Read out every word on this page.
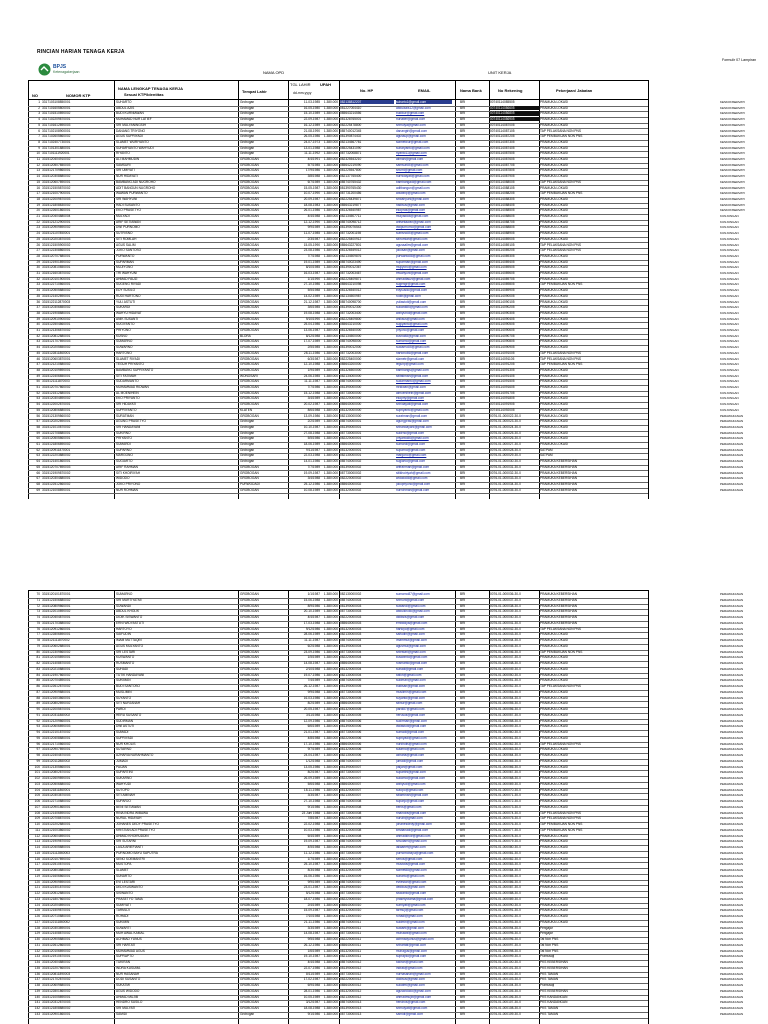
RINCIAN HARIAN TENAGA KERJA
BPJS
Ketenagakerjaan
Formulir 07 Lampiran
NAMA OPD	UNIT KERJA
NO	NOMOR KTP
NAMA LENGKAP TENAGA KERJA
Sesuai KTP/Identitas
Tempat Lahir
TGL LAHIR
dd-mm-yyyy
UPAH
No. HP	EMAIL	Nama Bank	No Rekening	Pekerjaan/ Jabatan
1 3317103108850001	SUHARTO	Grobogan	11-03-1985	1.380.000 082138812207	suharto1@gmail.com	BRI	00740114085505	PRAMUKA LOKASI	KESKONSERVATI
2 3317101605800001	ABDUL AZIS	Grobogan	16-05-1980	1.380.000 081227004410	abdulazis12@gmail.com	BRI	00740114086605	PRAMUKA LOKASI	KESKONSERVATI
3 3317101510890002	BUDI KURNIAWAN	Grobogan	15-10-1989	1.380.000 085643214556	budikur@gmail.com	BRI	00740114086805	PRAMUKA LOKASI	KESKONSERVATI
4 3317102209870001	MUHAMAD NUR LATIEF	Grobogan	22-09-1987	1.380.000 081328765001	nurlatief@gmail.com	BRI	00740114086905	PRAMUKA LOKASI	KESKONSERVATI
5 3317101612890003	SRI MULYANINGSIH	Grobogan	16-12-1989	1.380.000 082225478800	srimulya@gmail.com	BRI	00740114087005	PRAMUKA LOKASI	KESKONSERVATI
6 3317102108900001	DANANG TRIYONO	Grobogan	21-08-1990	1.380.000 085740012345	danangtri@gmail.com	BRI	00740114087105	TAP PELAKSANA NON PNS	KESKONSERVATI
7 3317102605860002	AGUS SUPRIYADI	Grobogan	26-05-1986	1.380.000 081390874402	agussup@gmail.com	BRI	00740114087205	TAP PEMBUKUAN NON PNS	KESKONSERVATI
8 3317102407730001	SLAMET WURIYANTO	Grobogan	24-07-1973	1.380.000 082134567781	slametwur@gmail.com	BRI	00740114087305	PRAMUKA LOKASI	KESKONSERVATI
9 3317101301880001	SUHARYANTO WAHYUDI	Grobogan	13-01-1988	1.380.000 085225431090	suharyanto@gmail.com	BRI	00740114087405	PRAMUKA LOKASI	KESKONSERVATI
10 3317101111920001	RIYANTO	Grobogan	11-11-1992	1.380.000 087732008871	riyanto11@gmail.com	BRI	00740114087505	PRAMUKA LOKASI	KESKONSERVATI
11 3315120404910002	ALI MAHMUDIN	GROBOGAN	4/4/1991	1.380.000 082325543210	alimah@gmail.com	BRI	00740114087605	PRAMUKA LOKASI	KESKONSERVATI
12 3315120507850003	SAMSURI	GROBOGAN	5/7/1985	1.380.000 085642219090	samsuri85@gmail.com	BRI	00740114087705	PRAMUKA LOKASI	KESKONSERVATI
13 3315121709860001	SRI UMIYATI	GROBOGAN	17/9/1986	1.380.000 081225547800	sriumi@gmail.com	BRI	00740114087805	PRAMUKA LOKASI	KESKONSERVATI
14 3315120308880002	NUR HIDAYATI	GROBOGAN	3/8/1988	1.380.000 082137765400	nurhidayati@gmail.com	BRI	00740114087905	PRAMUKA LOKASI	KESKONSERVATI
15 3315120607890001	BAMBANG ADI NUGROHO	GROBOGAN	6/7/1989	1.380.000 085740765432	bambangadi@gmail.com	BRI	00740114088005	TAP PELAKSANA NON PNS	KESKONSERVATI
16 3315121505870002	ADIT BANGUN NUGROHO	GROBOGAN	15-05-1987	1.380.000 081390765430	aditbangun@gmail.com	BRI	00740114088105	PRAMUKA LOKASI	KESKONSERVATI
17 3315121007900001	WAWAN PURWANTO	GROBOGAN	10-07-1990	1.380.000 087731200456	wawanp@gmail.com	BRI	00740114088205	TAP PEMBUKUAN NON PNS	KESKONSERVATI
18 3315122009870003	SRI WAHYUNI	GROBOGAN	20-09-1987	1.380.000 082225439871	sriwahyuni@gmail.com	BRI	00740114088305	PRAMUKA LOKASI	KESKONSERVATI
19 3315121808830002	HADI SUSANTO	GROBOGAN	18-08-1983	1.380.000 085643219877	hadisus@gmail.com	BRI	00740114088405	PRAMUKA LOKASI	KESKONSERVATI
20 3315122601860001	EKO PRASETYO	GROBOGAN	26-01-1986	1.380.000 081326540987	ekopras@gmail.com	BRI	00740114088505	PRAMUKA LOKASI	KESKONSERVATI
21 3315120404880004	MULYADI	GROBOGAN	4/4/1988	1.380.000 082134507711	mulyadi88@gmail.com	BRI	00740114088605	PRAMUKA LOKASI	KUNJUNGAN
22 3315121212900001	ARIF SETIAWAN	GROBOGAN	12-12-1990	1.380.000 085740098712	arifsetiawan@gmail.com	BRI	00740114088705	PRAMUKA LOKASI	KUNJUNGAN
23 3315120909890002	DWI PURNOMO	GROBOGAN	9/9/1989	1.380.000 081390076543	dwipurnomo@gmail.com	BRI	00740114088805	PRAMUKA LOKASI	KUNJUNGAN
24 3315121107850001	SUTRISNO	GROBOGAN	11-07-1985	1.380.000 087732001198	sutrisno85@gmail.com	BRI	00740114088905	PRAMUKA LOKASI	KUNJUNGAN
25 3315120203870003	SITI ROMLAH	GROBOGAN	2/3/1987	1.380.000 082225400912	sitiromlah@gmail.com	BRI	00740114089005	PRAMUKA LOKASI	KUNJUNGAN
26 3315121505900002	AGUS SALIM	GROBOGAN	15-05-1990	1.380.000 085643227801	agussalim@gmail.com	BRI	00740114089105	TAP PELAKSANA NON PNS	KUNJUNGAN
27 3315122308860001	JOKO SANTOSO	GROBOGAN	23-08-1986	1.380.000 081326549012	jokosan@gmail.com	BRI	00740114089205	TAP PELAKSANA NON PNS	KUNJUNGAN
28 3315120707880001	PURWANTO	GROBOGAN	7/7/1988	1.380.000 082134509876	purwanto88@gmail.com	BRI	00740114089305	PRAMUKA LOKASI	KUNJUNGAN
29 3315121901890002	SUPARMAN	GROBOGAN	19-01-1989	1.380.000 085740023490	suparman@gmail.com	BRI	00740114089405	PRAMUKA LOKASI	KUNJUNGAN
30 3315120810850001	MUJIYONO	GROBOGAN	8/10/1985	1.380.000 081390012367	mujiyono@gmail.com	BRI	00740114089505	PRAMUKA LOKASI	KUNJUNGAN
31 3315121603870002	TRI WAHYUNI	GROBOGAN	16-03-1987	1.380.000 087732003467	triwahyuni@gmail.com	BRI	00740114089605	PRAMUKA LOKASI	KUNJUNGAN
32 3315120101900001	AHMAD FAUZI	GROBOGAN	1/1/1990	1.380.000 082225409871	ahmadfauzi@gmail.com	BRI	00740114089705	PRAMUKA LOKASI	KUNJUNGAN
33 3315122710860001	SUGENG RIYADI	GROBOGAN	27-10-1986	1.380.000 085643210098	sugengr@gmail.com	BRI	00740114089805	TAP PEMBUKUAN NON PNS	KUNJUNGAN
34 3315120505880002	EDY SUSILO	GROBOGAN	5/5/1988	1.380.000 081326540012	edysusilo@gmail.com	BRI	00740114089905	PRAMUKA LOKASI	KUNJUNGAN
35 3315121402890001	RUDI HARTONO	GROBOGAN	14-02-1989	1.380.000 082134500987	rudih@gmail.com	BRI	00740114090005	PRAMUKA LOKASI	KUNJUNGAN
36 3315122112870003	YULI ASTUTI	GROBOGAN	21-12-1987	1.380.000 085740098700	yuliastuti@gmail.com	BRI	00740114090105	PRAMUKA LOKASI	KUNJUNGAN
37 3315120306850002	SUKARDI	GROBOGAN	3/6/1985	1.380.000 081390012300	sukardi85@gmail.com	BRI	00740114090205	PRAMUKA LOKASI	KUNJUNGAN
38 3315121908880001	WAHYU HIDAYAT	GROBOGAN	19-08-1988	1.380.000 087732003400	wahyuhid@gmail.com	BRI	00740114090305	PRAMUKA LOKASI	KUNJUNGAN
39 3315120910900002	ANIK SUSANTI	GROBOGAN	9/10/1990	1.380.000 082225409800	aniksus@gmail.com	BRI	00740114090405	PRAMUKA LOKASI	KUNJUNGAN
40 3315122504860001	SUGIYANTO	GROBOGAN	25-04-1986	1.380.000 085643210000	sugiyanto@gmail.com	BRI	00740114090505	PRAMUKA LOKASI	KUNJUNGAN
41 3315121306870002	PRIYONO	GROBOGAN	13-06-1987	1.380.000 081326540000	priyono@gmail.com	BRI	00740114090605	PRAMUKA LOKASI	KUNJUNGAN
42 3315120812880001	KUSNO	BLORA	8/12/1988	1.380.000 082134500000	kusno88@gmail.com	BRI	00740114090705	PRAMUKA LOKASI	KUNJUNGAN
43 3315121707890003	SUMARNO	GROBOGAN	17-07-1989	1.380.000 085740098000	sumarno@gmail.com	BRI	00740114090805	PRAMUKA LOKASI	KUNJUNGAN
44 3315120205850002	SUWARNO	GROBOGAN	2/5/1985	1.380.000 081390012000	suwarno85@gmail.com	BRI	00740114090905	PRAMUKA LOKASI	KUNJUNGAN
45 3315122811860001	HARTONO	GROBOGAN	28-11-1986	1.380.000 087732003000	hartono86@gmail.com	BRI	00740114091005	TAP PELAKSANA NON PNS	KUNJUNGAN
46 3315120603870001	SLAMET RIYADI	GROBOGAN	6/3/1987	1.380.000 082225400000	slametr@gmail.com	BRI	00740114091105	TAP PELAKSANA NON PNS	KUNJUNGAN
47 3315121210880002	TEGUH PRIYANTO	GROBOGAN	12-10-1988	1.380.000 085643200000	teguhp@gmail.com	BRI	00740114091205	TAP PEMBUKUAN NON PNS	KUNJUNGAN
48 3315120109890001	BAMBANG SUPRIYANTO	GROBOGAN	1/9/1989	1.380.000 081326500000	bambangs@gmail.com	BRI	00740114091305	PRAMUKA LOKASI	KUNJUNGAN
49 3315122406850001	SITI FATIMAH	WONOSARI	24-06-1985	1.380.000 082134000000	sitifatimah@gmail.com	BRI	00740114091405	PRAMUKA LOKASI	KUNJUNGAN
50 3315121111870003	SUDARMANTO	GROBOGAN	11-11-1987	1.380.000 085740000000	sudarmanto@gmail.com	BRI	00740114091505	PRAMUKA LOKASI	KUNJUNGAN
51 3315120707860002	MUHAMMAD RIDWAN	GROBOGAN	7/7/1986	1.380.000 081390000000	mridwan@gmail.com	BRI	00740114091605	PRAMUKA LOKASI	KUNJUNGAN
52 3315121512880001	AL MOENIHEIN	GROBOGAN	15-12-1988	1.380.000 087730000000	almoenihein@gmail.com	BRI	00740114091705	PRAMUKA LOKASI	KUNJUNGAN
53 3315120304890002	EKO PRIYANTO	GROBOGAN	3/4/1989	1.380.000 082220000000	ekopriy@gmail.com	BRI	00740114091805	PRAMUKA LOKASI	KUNJUNGAN
54 3315122002870001	SRI HIDAYATI	GROBOGAN	20-02-1987	1.380.000 085640000000	srihidayati@gmail.com	BRI	00740114091905	PRAMUKA LOKASI	KUNJUNGAN
55 3315120806880001	SUPRIYANTO	KLATEN	8/6/1988	1.380.000 081320000000	supriyanto@gmail.com	BRI	00740114092005	PRAMUKA LOKASI	KUNJUNGAN
56 3315121309860002	SURATMAN	GROBOGAN	13-09-1986	1.380.000 082130000000	suratman@gmail.com	BRI	0076-01-000022-30-0	PRAMUKA LOKASI	PERAWAKANAN
57 3315120202890001	AGUNG PRASETYO	Grobogan	2/2/1989	1.380.000 085740000001	agungpras@gmail.com	BRI	0076-01-000023-30-0	PRAMUKA LOKASI	PERAWAKANAN
58 3315121010870002	SRI HANDAYANI	Grobogan	10-10-1987	1.380.000 081390000001	srihandayani@gmail.com	BRI	0076-01-000024-30-0	PRAMUKA LOKASI	PERAWAKANAN
59 3315122708880001	SUKIRNO	Grobogan	27-08-1988	1.380.000 087730000001	sukirno@gmail.com	BRI	0076-01-000025-30-0	PRAMUKA LOKASI	PERAWAKANAN
60 3315120505860001	PRIYANTO	Grobogan	5/5/1986	1.380.000 082220000001	priyanto86@gmail.com	BRI	0076-01-000026-30-0	PRAMUKA LOKASI	PERAWAKANAN
61 3315121806890002	SUMARDI	Grobogan	18-06-1989	1.380.000 085640000001	sumardi@gmail.com	BRI	0076-01-000027-30-0	PRAMUKA LOKASI	PERAWAKANAN
62 3315120911870001	SUPARNO	Grobogan	9/11/1987	1.380.000 081320000001	suparno@gmail.com	BRI	0076-01-000028-30-0	SATPAM	PERAWAKANAN
63 3315122203880002	MARGONO	Grobogan	22-03-1988	1.380.000 082130000001	margono@gmail.com	BRI	0076-01-000029-30-0	SATPAM	PERAWAKANAN
64 3315121401860001	SUGIARTO	Grobogan	14-01-1986	1.380.000 085740000002	sugiarto@gmail.com	BRI	0076-01-000030-30-0	PRAMUKA KEBERSIHAN	PERAWAKANAN
65 3315120707890003	ARIF RAHMAN	GROBOGAN	7/7/1989	1.380.000 081390000002	arifrahman@gmail.com	BRI	0076-01-000031-30-0	PRAMUKA KEBERSIHAN	PERAWAKANAN
66 3315121909870002	SITI KHOIRIYAH	GROBOGAN	19-09-1987	1.380.000 087730000002	sitikhoiriyah@gmail.com	BRI	0076-01-000032-30-0	PRAMUKA KEBERSIHAN	PERAWAKANAN
67 3315120304880001	WIDODO	GROBOGAN	3/4/1988	1.380.000 082220000002	widodo88@gmail.com	BRI	0076-01-000033-30-0	PRAMUKA KEBERSIHAN	PERAWAKANAN
68 3315122512860002	JOKO PRIYONO	PURWODADI	25-12-1986	1.380.000 085640000002	jokopriyono@gmail.com	BRI	0076-01-000034-30-0	PRAMUKA KEBERSIHAN	PERAWAKANAN
69 3315121008890001	NUR ROHMAN	GROBOGAN	10-08-1989	1.380.000 081320000002	nurrohman@gmail.com	BRI	0076-01-000035-30-0	PRAMUKA KEBERSIHAN	PERAWAKANAN
70 3315120101870001	SUMARNO	GROBOGAN	1/1/1987	1.380.000 082130000002	sumarno87@gmail.com	BRI	0076-01-000036-30-0	PRAMUKA KEBERSIHAN	PERAWAKANAN
71 3315121506880002	SRI MURTIYATMI	GROBOGAN	15-06-1988	1.380.000 085740000003	srimurti@gmail.com	BRI	0076-01-000037-30-0	PRAMUKA KEBERSIHAN	PERAWAKANAN
72 3315120809860001	SUWANDI	GROBOGAN	8/9/1986	1.380.000 081390000003	suwandi@gmail.com	BRI	0076-01-000038-30-0	PRAMUKA KEBERSIHAN	PERAWAKANAN
73 3315122010890002	ABDUL KHOLIK	GROBOGAN	20-10-1989	1.380.000 087730000003	abdulkholik@gmail.com	BRI	0076-01-000039-30-0	PRAMUKA KEBERSIHAN	PERAWAKANAN
74 3315120404870001	DIDIK SISWANTO	GROBOGAN	4/4/1987	1.380.000 082220000003	didiksis@gmail.com	BRI	0076-01-000040-30-0	PRAMUKA KEBERSIHAN	PERAWAKANAN
75 3315121703880002	ERNI WIDYASTUTI	GROBOGAN	17-03-1988	1.380.000 085640000003	erniwidya@gmail.com	BRI	0076-01-000041-30-0	PRAMUKA KEBERSIHAN	PERAWAKANAN
76 3315120912860001	HARTOYO	GROBOGAN	9/12/1986	1.380.000 081320000003	hartoyo@gmail.com	BRI	0076-01-000042-30-0	TAP PELAKSANA NON PNS	PERAWAKANAN
77 3315122806890001	SAIFUDIN	GROBOGAN	28-06-1989	1.380.000 082130000003	saifudin@gmail.com	BRI	0076-01-000043-30-0	PRAMUKA LOKASI	PERAWAKANAN
78 3315121111870002	IMAM MUTTAQIN	GROBOGAN	11-11-1987	1.380.000 085740000004	imammut@gmail.com	BRI	0076-01-000044-30-0	PRAMUKA LOKASI	PERAWAKANAN
79 3315120602880001	AGUS MULYANTO	GROBOGAN	6/2/1988	1.380.000 081390000004	agusmul@gmail.com	BRI	0076-01-000045-30-0	PRAMUKA LOKASI	PERAWAKANAN
80 3315122309860002	SRI LESTARI	GROBOGAN	23-09-1986	1.380.000 087730000004	srilestari@gmail.com	BRI	0076-01-000046-30-0	TAP PEMBUKUAN NON PNS	PERAWAKANAN
81 3315120105890001	KUSWANTO	GROBOGAN	1/5/1989	1.380.000 082220000004	kuswanto@gmail.com	BRI	0076-01-000047-30-0	PRAMUKA LOKASI	PERAWAKANAN
82 3315121408870003	RUSMANTO	GROBOGAN	14-08-1987	1.380.000 085640000004	rusmanto@gmail.com	BRI	0076-01-000048-30-0	PRAMUKA LOKASI	PERAWAKANAN
83 3315120210880001	SUHADI	GROBOGAN	2/10/1988	1.380.000 081320000004	suhadi@gmail.com	BRI	0076-01-000049-30-0	PRAMUKA LOKASI	PERAWAKANAN
84 3315121907860002	TUTIK HANDAYANI	GROBOGAN	19-07-1986	1.380.000 082130000004	tutikh@gmail.com	BRI	0076-01-000050-30-0	PRAMUKA LOKASI	PERAWAKANAN
85 3315120704890001	SUKIMAN	GROBOGAN	7/4/1989	1.380.000 085740000005	sukiman@gmail.com	BRI	0076-01-000051-30-0	PRAMUKA LOKASI	PERAWAKANAN
86 3315122612870002	BUDI SANTOSO	GROBOGAN	26-12-1987	1.380.000 081390000005	budisan@gmail.com	BRI	0076-01-000052-30-0	TAP PELAKSANA NON PNS	PERAWAKANAN
87 3315120909880001	MUSLIMIN	GROBOGAN	9/9/1988	1.380.000 087730000005	muslimin@gmail.com	BRI	0076-01-000053-30-0	PRAMUKA LOKASI	PERAWAKANAN
88 3315121603860001	SUYANTO	GROBOGAN	16-03-1986	1.380.000 082220000005	suyanto@gmail.com	BRI	0076-01-000054-30-0	PRAMUKA LOKASI	PERAWAKANAN
89 3315120802890002	SITI NURJANAH	GROBOGAN	8/2/1989	1.380.000 085640000005	sitinur@gmail.com	BRI	0076-01-000055-30-0	PRAMUKA LOKASI	PERAWAKANAN
90 3315122005870001	PARDI	GROBOGAN	20-05-1987	1.380.000 081320000005	pardi87@gmail.com	BRI	0076-01-000056-30-0	PRAMUKA LOKASI	PERAWAKANAN
91 3315120311880002	HERU SUSANTO	GROBOGAN	3/11/1988	1.380.000 082130000005	herusus@gmail.com	BRI	0076-01-000057-30-0	PRAMUKA LOKASI	PERAWAKANAN
92 3315121209860001	SUDIRMAN	GROBOGAN	12-09-1986	1.380.000 085740000006	sudirman@gmail.com	BRI	0076-01-000058-30-0	PRAMUKA LOKASI	PERAWAKANAN
93 3315120606890003	DWI ASTUTI	GROBOGAN	6/6/1989	1.380.000 081390000006	dwiastuti@gmail.com	BRI	0076-01-000059-30-0	PRAMUKA LOKASI	PERAWAKANAN
94 3315122101870002	SUMADI	GROBOGAN	21-01-1987	1.380.000 087730000006	sumadi@gmail.com	BRI	0076-01-000060-30-0	PRAMUKA LOKASI	PERAWAKANAN
95 3315120408880001	SUPRIYADI	GROBOGAN	4/8/1988	1.380.000 082220000006	supriyadi@gmail.com	BRI	0076-01-000061-30-0	PRAMUKA LOKASI	PERAWAKANAN
96 3315121710860002	NUR KHOLIS	GROBOGAN	17-10-1986	1.380.000 085640000006	nurkholis@gmail.com	BRI	0076-01-000062-30-0	TAP PELAKSANA NON PNS	PERAWAKANAN
97 3315120907890001	SUTARNO	GROBOGAN	9/7/1989	1.380.000 081320000006	sutarno@gmail.com	BRI	0076-01-000063-30-0	PRAMUKA LOKASI	PERAWAKANAN
98 3315122404870003	AZHARIA NURAHMANTO	GROBOGAN	24-04-1987	1.380.000 082130000006	azharia@gmail.com	BRI	0076-01-000064-30-0	PRAMUKA LOKASI	PERAWAKANAN
99 3315120112880002	JUMADI	GROBOGAN	1/12/1988	1.380.000 085740000007	jumadi@gmail.com	BRI	0076-01-000065-30-0	PRAMUKA LOKASI	PERAWAKANAN
100 3315121305860001	PAIJAN	GROBOGAN	13-05-1986	1.380.000 081390000007	paijan@gmail.com	BRI	0076-01-000066-30-0	PRAMUKA LOKASI	PERAWAKANAN
101 3315120802870002	SUPARTINI	GROBOGAN	8/2/1987	1.380.000 087730000007	supartini@gmail.com	BRI	0076-01-000067-30-0	PRAMUKA LOKASI	PERAWAKANAN
102 3315122609890001	SUKARNO	GROBOGAN	26-09-1989	1.380.000 082220000007	sukarno@gmail.com	BRI	0076-01-000068-30-0	PRAMUKA LOKASI	PERAWAKANAN
103 3315120506880002	WAHYUDI	GROBOGAN	5/6/1988	1.380.000 085640000007	wahyudi@gmail.com	BRI	0076-01-000069-30-0	PRAMUKA LOKASI	PERAWAKANAN
104 3315121811860001	SUTOPO	GROBOGAN	18-11-1986	1.380.000 081320000007	sutopo@gmail.com	BRI	0076-01-000070-30-0	PRAMUKA LOKASI	PERAWAKANAN
105 3315120303870003	SITI AMINAH	GROBOGAN	3/3/1987	1.380.000 082130000007	sitiaminah@gmail.com	BRI	0076-01-000071-30-0	PRAMUKA LOKASI	PERAWAKANAN
106 3315122710880002	SUPARJO	GROBOGAN	27-10-1988	1.380.000 085740000008	suparjo@gmail.com	BRI	0076-01-000072-30-0	PRAMUKA LOKASI	PERAWAKANAN
107 3315120901860001	BENI SETIAWAN	GROBOGAN	9/1/1986	1.380.000 081390000008	benis@gmail.com	BRI	0076-01-000073-30-0	PRAMUKA LOKASI	PERAWAKANAN
108 3315121406890002	RINA INDRA WIBAWA	GROBOGAN	23 Juni 1988	1.380.000 087730000008	rinaindra@gmail.com	BRI	0076-01-000074-30-0	TAP PELAKSANA NON PNS	PERAWAKANAN
109 3315120708870001	NURUL HIDAYAH	GROBOGAN	7/8/1987	1.380.000 082220000008	nurulh@gmail.com	BRI	0076-01-000075-30-0	TAP PELAKSANA NON PNS	PERAWAKANAN
110 3315122202880001	JOHANES DEDY PRASETYO	GROBOGAN	22-02-1988	1.380.000 085640000008	johanesdedy@gmail.com	BRI	0076-01-000076-30-0	TAP PEMBUKUAN NON PNS	PERAWAKANAN
111 3315121003860002	KRISTIAN ADI PRASETYO	GROBOGAN	10-03-1986	1.380.000 081320000008	kristianadi@gmail.com	BRI	0076-01-000077-30-0	TAP PEMBUKUAN NON PNS	PERAWAKANAN
112 3315120604890001	AHMAD KHOIRUDDIN	GROBOGAN	6/4/1989	1.380.000 082130000008	ahmadkhoir@gmail.com	BRI	0076-01-000078-30-0	PRAMUKA LOKASI	PERAWAKANAN
113 3315121909870002	SRI SUTARNI	GROBOGAN	19-09-1987	1.380.000 085740000009	srisutarni@gmail.com	BRI	0076-01-000079-30-0	PRAMUKA LOKASI	PERAWAKANAN
114 3315120405880001	LAILA ARIEFIANTI	GROBOGAN	4/5/1988	1.380.000 081390000009	lailaarief@gmail.com	BRI	0076-01-000080-30-0	PRAMUKA LOKASI	PERAWAKANAN
115 3315121112860003	PURNOMO BAYU SAPUTRA	GROBOGAN	11-12-1986	1.380.000 087730000009	purnomobayu@gmail.com	BRI	0076-01-000081-30-0	PRAMUKA LOKASI	PERAWAKANAN
116 3315120107890002	SENO SOEMANTRI	GROBOGAN	1/7/1989	1.380.000 082220000009	senos@gmail.com	BRI	0076-01-000082-30-0	PRAMUKA LOKASI	PERAWAKANAN
117 3315122510870001	MUSTOFA	GROBOGAN	25-10-1987	1.380.000 085640000009	mustofa@gmail.com	BRI	0076-01-000083-30-0	PRAMUKA LOKASI	PERAWAKANAN
118 3315120803880002	SLAMET	GROBOGAN	8/3/1988	1.380.000 081320000009	slamet88@gmail.com	BRI	0076-01-000084-30-0	PRAMUKA LOKASI	PERAWAKANAN
119 3315121606860001	SUNARTO	GROBOGAN	16-06-1986	1.380.000 082130000009	sunarto@gmail.com	BRI	0076-01-000085-30-0	PRAMUKA LOKASI	PERAWAKANAN
120 3315120909890003	EVI LESTARI	GROBOGAN	9/9/1989	1.380.000 085740000010	evilestari@gmail.com	BRI	0076-01-000086-30-0	PRAMUKA LOKASI	PERAWAKANAN
121 3315122301870002	DEDI KUSWANTO	GROBOGAN	23-01-1987	1.380.000 081390000010	dedikus@gmail.com	BRI	0076-01-000087-30-0	PRAMUKA LOKASI	PERAWAKANAN
122 3315120512880001	SISWANTO	GROBOGAN	5/12/1988	1.380.000 087730000010	siswanto@gmail.com	BRI	0076-01-000088-30-0	PRAMUKA LOKASI	PERAWAKANAN
123 3315121807860002	PRASETYO TAMA	GROBOGAN	18-07-1986	1.380.000 082220000010	prasetyotama@gmail.com	BRI	0076-01-000089-30-0	PRAMUKA LOKASI	PERAWAKANAN
124 3315120204890001	SUMIYATI	GROBOGAN	2/4/1989	1.380.000 085640000010	sumiyati@gmail.com	BRI	0076-01-000090-30-0	PRAMUKA LOKASI	PERAWAKANAN
125 3315121509870001	TARMUJI	GROBOGAN	15-09-1987	1.380.000 081320000010	tarmuji@gmail.com	BRI	0076-01-000091-30-0	PRAMUKA LOKASI	PERAWAKANAN
126 3315120710880003	ROHADI	GROBOGAN	7/10/1988	1.380.000 082130000010	rohadi@gmail.com	BRI	0076-01-000092-30-0	PRAMUKA LOKASI	PERAWAKANAN
127 3315122111860002	SUKIMIN	GROBOGAN	21-11-1986	1.380.000 085740000011	sukimin@gmail.com	BRI	0076-01-000093-30-0	PRAMUKA LOKASI	PERAWAKANAN
128 3315120303890001	SUWARTI	GROBOGAN	3/3/1989	1.380.000 081390000011	suwarti@gmail.com	BRI	0076-01-000094-30-0	Pengajar	PERAWAKANAN
129 3315121408870002	MUH AWAL KAMAL	GROBOGAN	14-08-1987	1.380.000 087730000011	muhawal@gmail.com	BRI	0076-01-000095-30-0	Pengajar	PERAWAKANAN
130 3315120905880001	ACHMAD YUNUS	GROBOGAN	9/5/1988	1.380.000 082220000011	achmadyunus@gmail.com	BRI	0076-01-000096-30-0	Tat Non PNS	PERAWAKANAN
131 3315122612860003	SRI HARTATI	GROBOGAN	26-12-1986	1.380.000 085640000011	srihartati@gmail.com	BRI	0076-01-000097-30-0	Tat Non PNS	PERAWAKANAN
132 3315120106890002	MUHAMMAD AGUS	GROBOGAN	1/6/1989	1.380.000 081320000011	muhagus@gmail.com	BRI	0076-01-000098-30-0	Tat Non PNS	PERAWAKANAN
133 3315121910870001	SUPRAPTO	GROBOGAN	19-10-1987	1.380.000 082130000011	suprapto@gmail.com	BRI	0076-01-000099-30-0	Pramusaji	PERAWAKANAN
134 3315120404880002	TUKIRAN	GROBOGAN	4/4/1988	1.380.000 085740000012	tukiran@gmail.com	BRI	0076-01-000100-30-0	PKS KEBERSIHAN	PERAWAKANAN
135 3315122207860001	INDRA KUSUMA	GROBOGAN	22-07-1986	1.380.000 081390000012	indrak@gmail.com	BRI	0076-01-000101-30-0	PKS KEBERSIHAN	PERAWAKANAN
136 3315120811890003	NUR HASANAH	GROBOGAN	8/11/1989	1.380.000 087730000012	nurhasanah@gmail.com	BRI	0076-01-000102-30-0	PKS TAMAN	PERAWAKANAN
137 3315121702870002	DODI SUSANTO	GROBOGAN	17-02-1987	1.380.000 082220000012	dodisus@gmail.com	BRI	0076-01-000103-30-0	PKS TAMAN	PERAWAKANAN
138 3315120609880001	SUKATMI	GROBOGAN	6/9/1988	1.380.000 085640000012	sukatmi@gmail.com	BRI	0076-01-000104-30-0	Pramusaji	PERAWAKANAN
139 3315122801860002	AGUS WIDODO	GROBOGAN	28-01-1986	1.380.000 081320000012	aguswidodo@gmail.com	BRI	0076-01-000105-30-0	PKS KEBERSIHAN	PERAWAKANAN
140 3315121005890001	AHMAD MUJIB	GROBOGAN	10-05-1989	1.380.000 082130000012	ahmadmujib@gmail.com	BRI	0076-01-000106-30-0	PKS KANDANGAN	PERAWAKANAN
141 3315120312870003	HENDRO SUSILO	GROBOGAN	3/12/1987	1.380.000 085740000013	hendros@gmail.com	BRI	0076-01-000107-30-0	PKS KANDANGAN	PERAWAKANAN
142 3315121808880002	SRI MULYATI	GROBOGAN	18-08-1988	1.380.000 081390000013	srimulyati@gmail.com	BRI	0076-01-000108-30-0	PKS TAMAN	PERAWAKANAN
143 3315120901860001	SAMIDI	Grobogan	9/1/1986	1.380.000 087730000013	samidi@gmail.com	BRI	0076-01-000109-30-0	PKS TAMAN	PERAWAKANAN
